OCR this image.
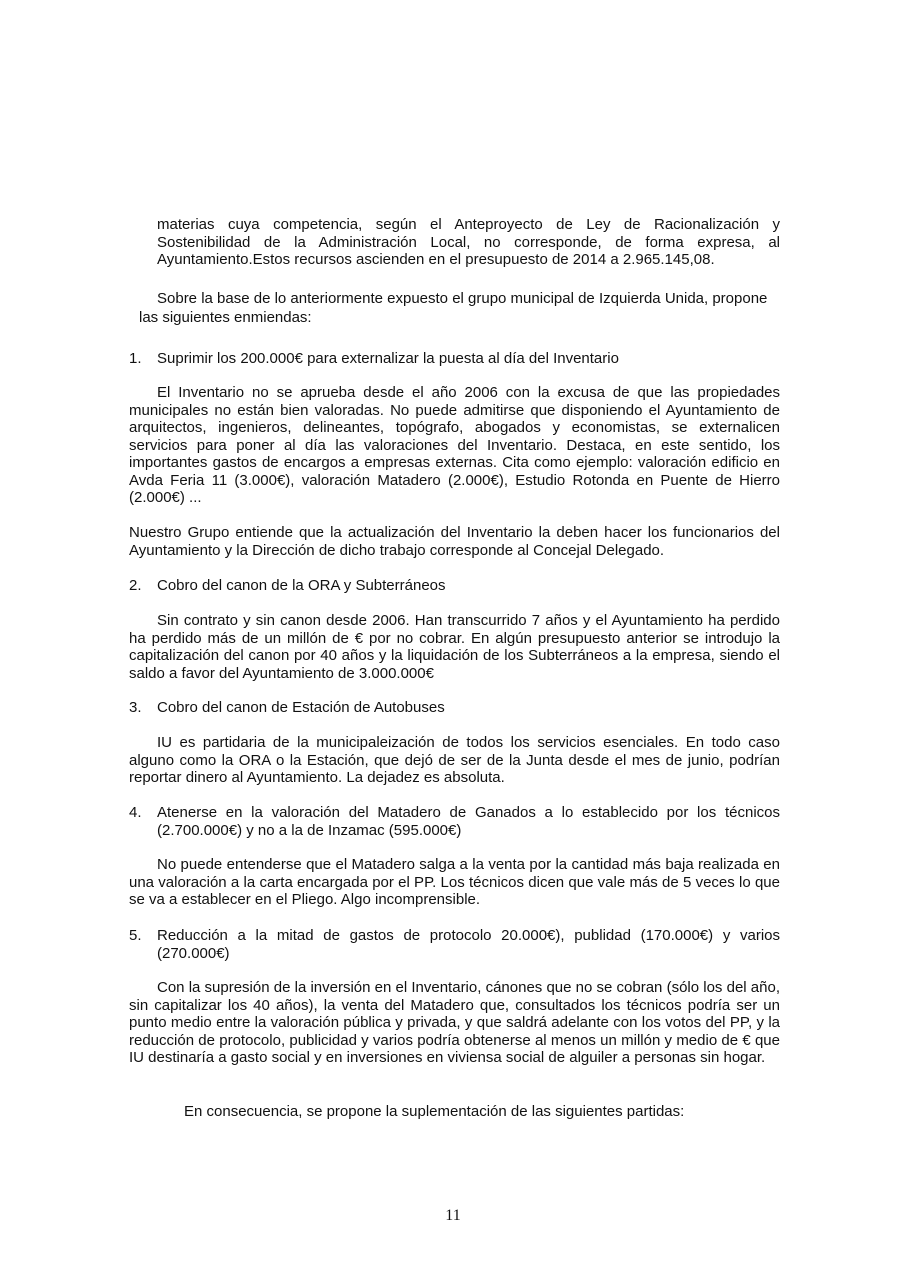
materias cuya competencia, según el Anteproyecto de Ley de Racionalización y Sostenibilidad de la Administración Local, no corresponde, de forma expresa, al Ayuntamiento.Estos recursos ascienden en el presupuesto de 2014 a 2.965.145,08.

Sobre la base de lo anteriormente expuesto el grupo municipal de Izquierda Unida, propone

las siguientes enmiendas:

1. Suprimir los 200.000€ para externalizar la puesta al día del Inventario

El Inventario no se aprueba desde el año 2006 con la excusa de que las propiedades municipales no están bien valoradas. No puede admitirse que disponiendo el Ayuntamiento de arquitectos, ingenieros, delineantes, topógrafo, abogados y economistas, se externalicen servicios para poner al día las valoraciones del Inventario. Destaca, en este sentido, los importantes gastos de encargos a empresas externas. Cita como ejemplo: valoración edificio en Avda Feria 11 (3.000€), valoración Matadero (2.000€), Estudio Rotonda en Puente de Hierro (2.000€) ...

Nuestro Grupo entiende que la actualización del Inventario la deben hacer los funcionarios del Ayuntamiento y la Dirección de dicho trabajo corresponde al Concejal Delegado.

2. Cobro del canon de la ORA y Subterráneos

Sin contrato y sin canon desde 2006. Han transcurrido 7 años y el Ayuntamiento ha perdido ha perdido más de un millón de € por no cobrar. En algún presupuesto anterior se introdujo la capitalización del canon por 40 años y la liquidación de los Subterráneos a la empresa, siendo el saldo a favor del Ayuntamiento de 3.000.000€

3. Cobro del canon de Estación de Autobuses

IU es partidaria de la municipaleización de todos los servicios esenciales. En todo caso alguno como la ORA o la Estación, que dejó de ser de la Junta desde el mes de junio, podrían reportar dinero al Ayuntamiento. La dejadez es absoluta.

4. Atenerse en la valoración del Matadero de Ganados a lo establecido por los técnicos (2.700.000€) y no a la de Inzamac (595.000€)

No puede entenderse que el Matadero salga a la venta por la cantidad más baja realizada en una valoración a la carta encargada por el PP. Los técnicos dicen que vale más de 5 veces lo que se va a establecer en el Pliego. Algo incomprensible.

5. Reducción a la mitad de gastos de protocolo 20.000€), publidad (170.000€) y varios (270.000€)

Con la supresión de la inversión en el Inventario, cánones que no se cobran (sólo los del año, sin capitalizar los 40 años), la venta del Matadero que, consultados los técnicos podría ser un punto medio entre la valoración pública y privada, y que saldrá adelante con los votos del PP, y la reducción de protocolo, publicidad y varios podría obtenerse al menos un millón y medio de € que IU destinaría a gasto social y en inversiones en viviensa social de alguiler a personas sin hogar.

En consecuencia, se propone la suplementación de las siguientes partidas:

11
